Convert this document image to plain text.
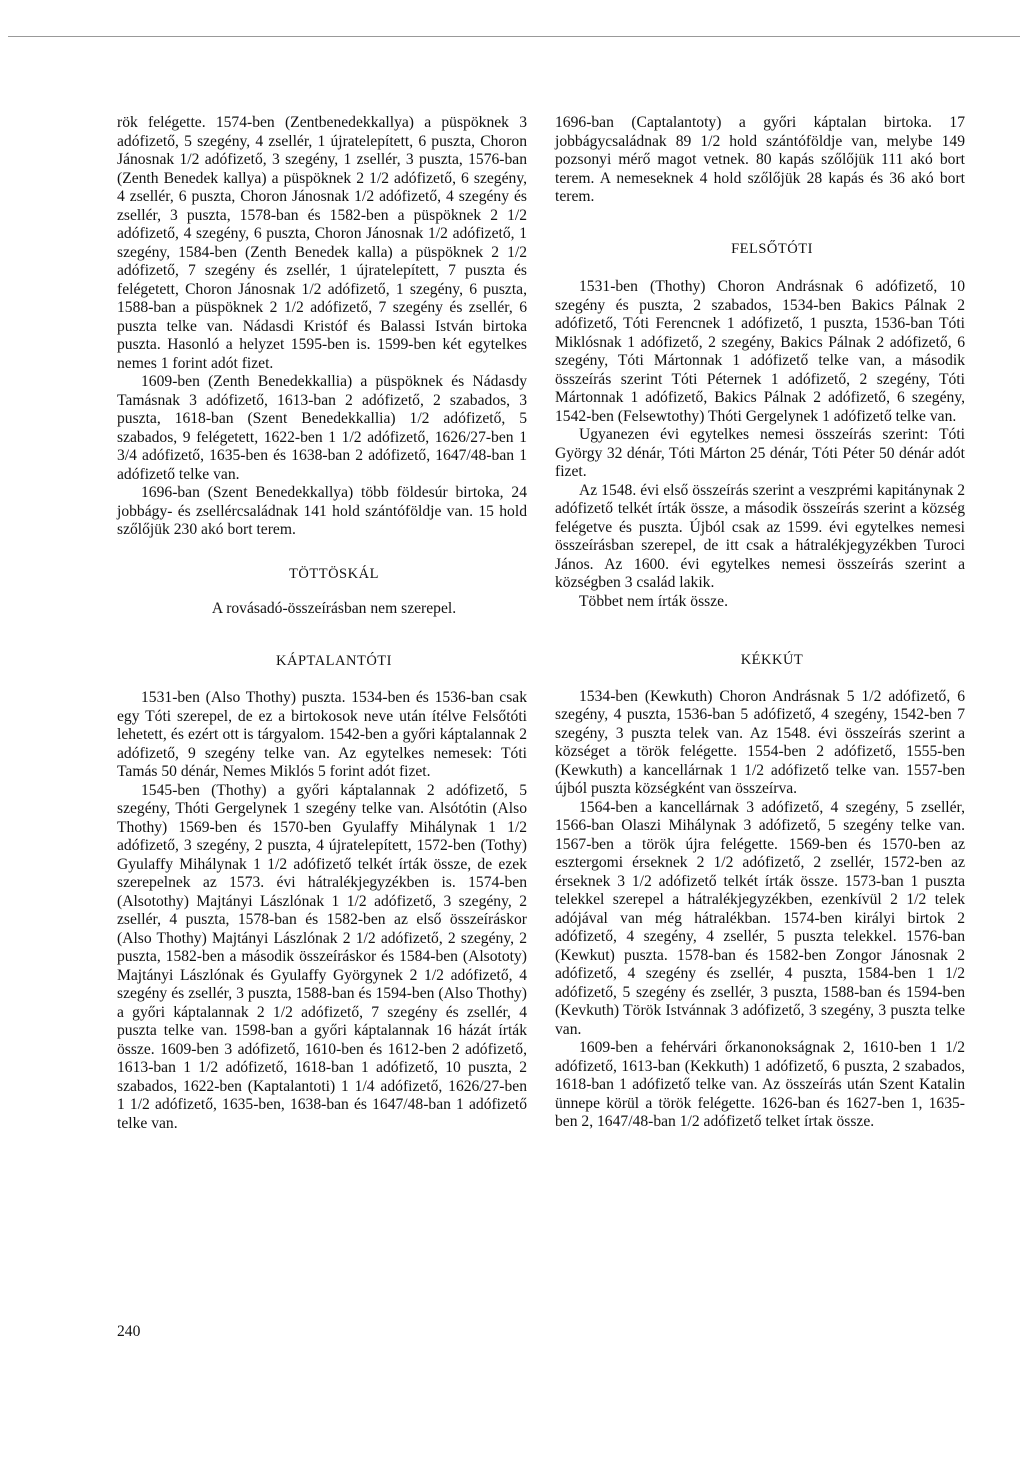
rök felégette. 1574-ben (Zentbenedekkallya) a püspöknek 3 adófizető, 5 szegény, 4 zsellér, 1 újratelepített, 6 puszta, Choron Jánosnak 1/2 adófizető, 3 szegény, 1 zsellér, 3 puszta, 1576-ban (Zenth Benedek kallya) a püspöknek 2 1/2 adófizető, 6 szegény, 4 zsellér, 6 puszta, Choron Jánosnak 1/2 adófizető, 4 szegény és zsellér, 3 puszta, 1578-ban és 1582-ben a püspöknek 2 1/2 adófizető, 4 szegény, 6 puszta, Choron Jánosnak 1/2 adófizető, 1 szegény, 1584-ben (Zenth Benedek kalla) a püspöknek 2 1/2 adófizető, 7 szegény és zsellér, 1 újratelepített, 7 puszta és felégetett, Choron Jánosnak 1/2 adófizető, 1 szegény, 6 puszta, 1588-ban a püspöknek 2 1/2 adófizető, 7 szegény és zsellér, 6 puszta telke van. Nádasdi Kristóf és Balassi István birtoka puszta. Hasonló a helyzet 1595-ben is. 1599-ben két egytelkes nemes 1 forint adót fizet.

1609-ben (Zenth Benedekkallia) a püspöknek és Nádasdy Tamásnak 3 adófizető, 1613-ban 2 adófizető, 2 szabados, 3 puszta, 1618-ban (Szent Benedekkallia) 1/2 adófizető, 5 szabados, 9 felégetett, 1622-ben 1 1/2 adófizető, 1626/27-ben 1 3/4 adófizető, 1635-ben és 1638-ban 2 adófizető, 1647/48-ban 1 adófizető telke van.

1696-ban (Szent Benedekkallya) több földesúr birtoka, 24 jobbágy- és zsellércsaládnak 141 hold szántóföldje van. 15 hold szőlőjük 230 akó bort terem.

TÖTTÖSKÁL

A rovásadó-összeírásban nem szerepel.

KÁPTALANTÓTI

1531-ben (Also Thothy) puszta. 1534-ben és 1536-ban csak egy Tóti szerepel, de ez a birtokosok neve után ítélve Felsőtóti lehetett, és ezért ott is tárgyalom. 1542-ben a győri káptalannak 2 adófizető, 9 szegény telke van. Az egytelkes nemesek: Tóti Tamás 50 dénár, Nemes Miklós 5 forint adót fizet.

1545-ben (Thothy) a győri káptalannak 2 adófizető, 5 szegény, Thóti Gergelynek 1 szegény telke van. Alsótótin (Also Thothy) 1569-ben és 1570-ben Gyulaffy Mihálynak 1 1/2 adófizető, 3 szegény, 2 puszta, 4 újratelepített, 1572-ben (Tothy) Gyulaffy Mihálynak 1 1/2 adófizető telkét írták össze, de ezek szerepelnek az 1573. évi hátralékjegyzékben is. 1574-ben (Alsotothy) Majtányi Lászlónak 1 1/2 adófizető, 3 szegény, 2 zsellér, 4 puszta, 1578-ban és 1582-ben az első összeíráskor (Also Thothy) Majtányi Lászlónak 2 1/2 adófizető, 2 szegény, 2 puszta, 1582-ben a második összeíráskor és 1584-ben (Alsototy) Majtányi Lászlónak és Gyulaffy Györgynek 2 1/2 adófizető, 4 szegény és zsellér, 3 puszta, 1588-ban és 1594-ben (Also Thothy) a győri káptalannak 2 1/2 adófizető, 7 szegény és zsellér, 4 puszta telke van. 1598-ban a győri káptalannak 16 házát írták össze. 1609-ben 3 adófizető, 1610-ben és 1612-ben 2 adófizető, 1613-ban 1 1/2 adófizető, 1618-ban 1 adófizető, 10 puszta, 2 szabados, 1622-ben (Kaptalantoti) 1 1/4 adófizető, 1626/27-ben 1 1/2 adófizető, 1635-ben, 1638-ban és 1647/48-ban 1 adófizető telke van.

1696-ban (Captalantoty) a győri káptalan birtoka. 17 jobbágycsaládnak 89 1/2 hold szántóföldje van, melybe 149 pozsonyi mérő magot vetnek. 80 kapás szőlőjük 111 akó bort terem. A nemeseknek 4 hold szőlőjük 28 kapás és 36 akó bort terem.

FELSŐTÓTI

1531-ben (Thothy) Choron Andrásnak 6 adófizető, 10 szegény és puszta, 2 szabados, 1534-ben Bakics Pálnak 2 adófizető, Tóti Ferencnek 1 adófizető, 1 puszta, 1536-ban Tóti Miklósnak 1 adófizető, 2 szegény, Bakics Pálnak 2 adófizető, 6 szegény, Tóti Mártonnak 1 adófizető telke van, a második összeírás szerint Tóti Péternek 1 adófizető, 2 szegény, Tóti Mártonnak 1 adófizető, Bakics Pálnak 2 adófizető, 6 szegény, 1542-ben (Felsewtothy) Thóti Gergelynek 1 adófizető telke van.

Ugyanezen évi egytelkes nemesi összeírás szerint: Tóti György 32 dénár, Tóti Márton 25 dénár, Tóti Péter 50 dénár adót fizet.

Az 1548. évi első összeírás szerint a veszprémi kapitánynak 2 adófizető telkét írták össze, a második összeírás szerint a község felégetve és puszta. Újból csak az 1599. évi egytelkes nemesi összeírásban szerepel, de itt csak a hátralékjegyzékben Turoci János. Az 1600. évi egytelkes nemesi összeírás szerint a községben 3 család lakik.

Többet nem írták össze.

KÉKKÚT

1534-ben (Kewkuth) Choron Andrásnak 5 1/2 adófizető, 6 szegény, 4 puszta, 1536-ban 5 adófizető, 4 szegény, 1542-ben 7 szegény, 3 puszta telek van. Az 1548. évi összeírás szerint a községet a török felégette. 1554-ben 2 adófizető, 1555-ben (Kewkuth) a kancellárnak 1 1/2 adófizető telke van. 1557-ben újból puszta községként van összeírva.

1564-ben a kancellárnak 3 adófizető, 4 szegény, 5 zsellér, 1566-ban Olaszi Mihálynak 3 adófizető, 5 szegény telke van. 1567-ben a török újra felégette. 1569-ben és 1570-ben az esztergomi érseknek 2 1/2 adófizető, 2 zsellér, 1572-ben az érseknek 3 1/2 adófizető telkét írták össze. 1573-ban 1 puszta telekkel szerepel a hátralékjegyzékben, ezenkívül 2 1/2 telek adójával van még hátralékban. 1574-ben királyi birtok 2 adófizető, 4 szegény, 4 zsellér, 5 puszta telekkel. 1576-ban (Kewkut) puszta. 1578-ban és 1582-ben Zongor Jánosnak 2 adófizető, 4 szegény és zsellér, 4 puszta, 1584-ben 1 1/2 adófizető, 5 szegény és zsellér, 3 puszta, 1588-ban és 1594-ben (Kevkuth) Török Istvánnak 3 adófizető, 3 szegény, 3 puszta telke van.

1609-ben a fehérvári őrkanonokságnak 2, 1610-ben 1 1/2 adófizető, 1613-ban (Kekkuth) 1 adófizető, 6 puszta, 2 szabados, 1618-ban 1 adófizető telke van. Az összeírás után Szent Katalin ünnepe körül a török felégette. 1626-ban és 1627-ben 1, 1635-ben 2, 1647/48-ban 1/2 adófizető telket írtak össze.

240
